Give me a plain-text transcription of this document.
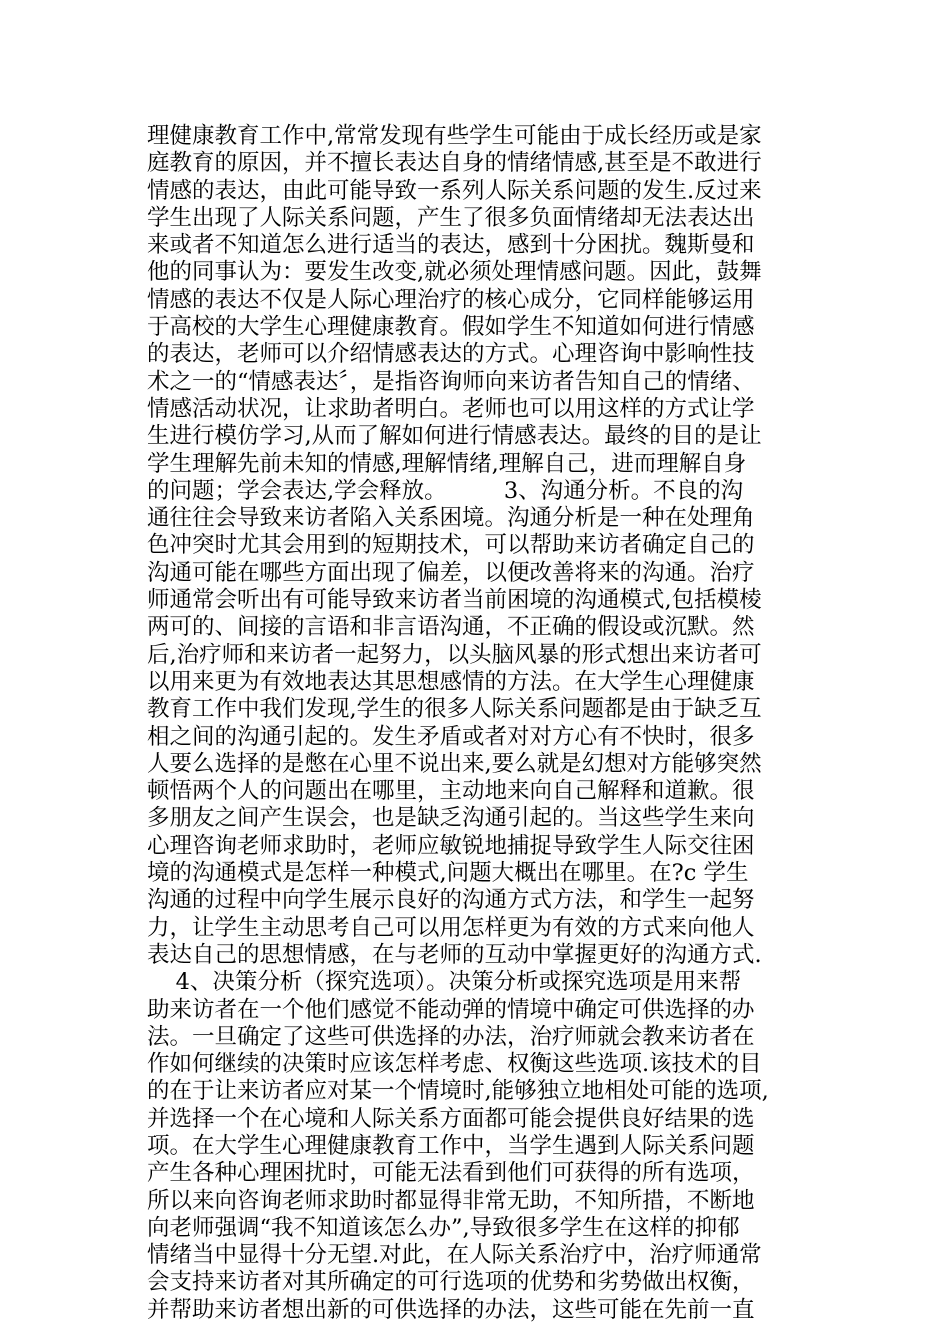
理健康教育工作中,常常发现有些学生可能由于成长经历或是家
庭教育的原因，并不擅长表达自身的情绪情感,甚至是不敢进行
情感的表达，由此可能导致一系列人际关系问题的发生.反过来
学生出现了人际关系问题，产生了很多负面情绪却无法表达出
来或者不知道怎么进行适当的表达，感到十分困扰。魏斯曼和
他的同事认为：要发生改变,就必须处理情感问题。因此，鼓舞
情感的表达不仅是人际心理治疗的核心成分，它同样能够运用
于高校的大学生心理健康教育。假如学生不知道如何进行情感
的表达，老师可以介绍情感表达的方式。心理咨询中影响性技
术之一的“情感表达〞，是指咨询师向来访者告知自己的情绪、
情感活动状况，让求助者明白。老师也可以用这样的方式让学
生进行模仿学习,从而了解如何进行情感表达。最终的目的是让
学生理解先前未知的情感,理解情绪,理解自己，进而理解自身
的问题；学会表达,学会释放。        3、沟通分析。不良的沟
通往往会导致来访者陷入关系困境。沟通分析是一种在处理角
色冲突时尤其会用到的短期技术，可以帮助来访者确定自己的
沟通可能在哪些方面出现了偏差，以便改善将来的沟通。治疗
师通常会听出有可能导致来访者当前困境的沟通模式,包括模棱
两可的、间接的言语和非言语沟通，不正确的假设或沉默。然
后,治疗师和来访者一起努力，以头脑风暴的形式想出来访者可
以用来更为有效地表达其思想感情的方法。在大学生心理健康
教育工作中我们发现,学生的很多人际关系问题都是由于缺乏互
相之间的沟通引起的。发生矛盾或者对对方心有不快时，很多
人要么选择的是憋在心里不说出来,要么就是幻想对方能够突然
顿悟两个人的问题出在哪里，主动地来向自己解释和道歉。很
多朋友之间产生误会，也是缺乏沟通引起的。当这些学生来向
心理咨询老师求助时，老师应敏锐地捕捉导致学生人际交往困
境的沟通模式是怎样一种模式,问题大概出在哪里。在?c 学生
沟通的过程中向学生展示良好的沟通方式方法，和学生一起努
力，让学生主动思考自己可以用怎样更为有效的方式来向他人
表达自己的思想情感，在与老师的互动中掌握更好的沟通方式.
4、决策分析（探究选项）。决策分析或探究选项是用来帮
助来访者在一个他们感觉不能动弹的情境中确定可供选择的办
法。一旦确定了这些可供选择的办法，治疗师就会教来访者在
作如何继续的决策时应该怎样考虑、权衡这些选项.该技术的目
的在于让来访者应对某一个情境时,能够独立地相处可能的选项,
并选择一个在心境和人际关系方面都可能会提供良好结果的选
项。在大学生心理健康教育工作中，当学生遇到人际关系问题
产生各种心理困扰时，可能无法看到他们可获得的所有选项，
所以来向咨询老师求助时都显得非常无助，不知所措，不断地
向老师强调“我不知道该怎么办”,导致很多学生在这样的抑郁
情绪当中显得十分无望.对此，在人际关系治疗中，治疗师通常
会支持来访者对其所确定的可行选项的优势和劣势做出权衡，
并帮助来访者想出新的可供选择的办法，这些可能在先前一直
